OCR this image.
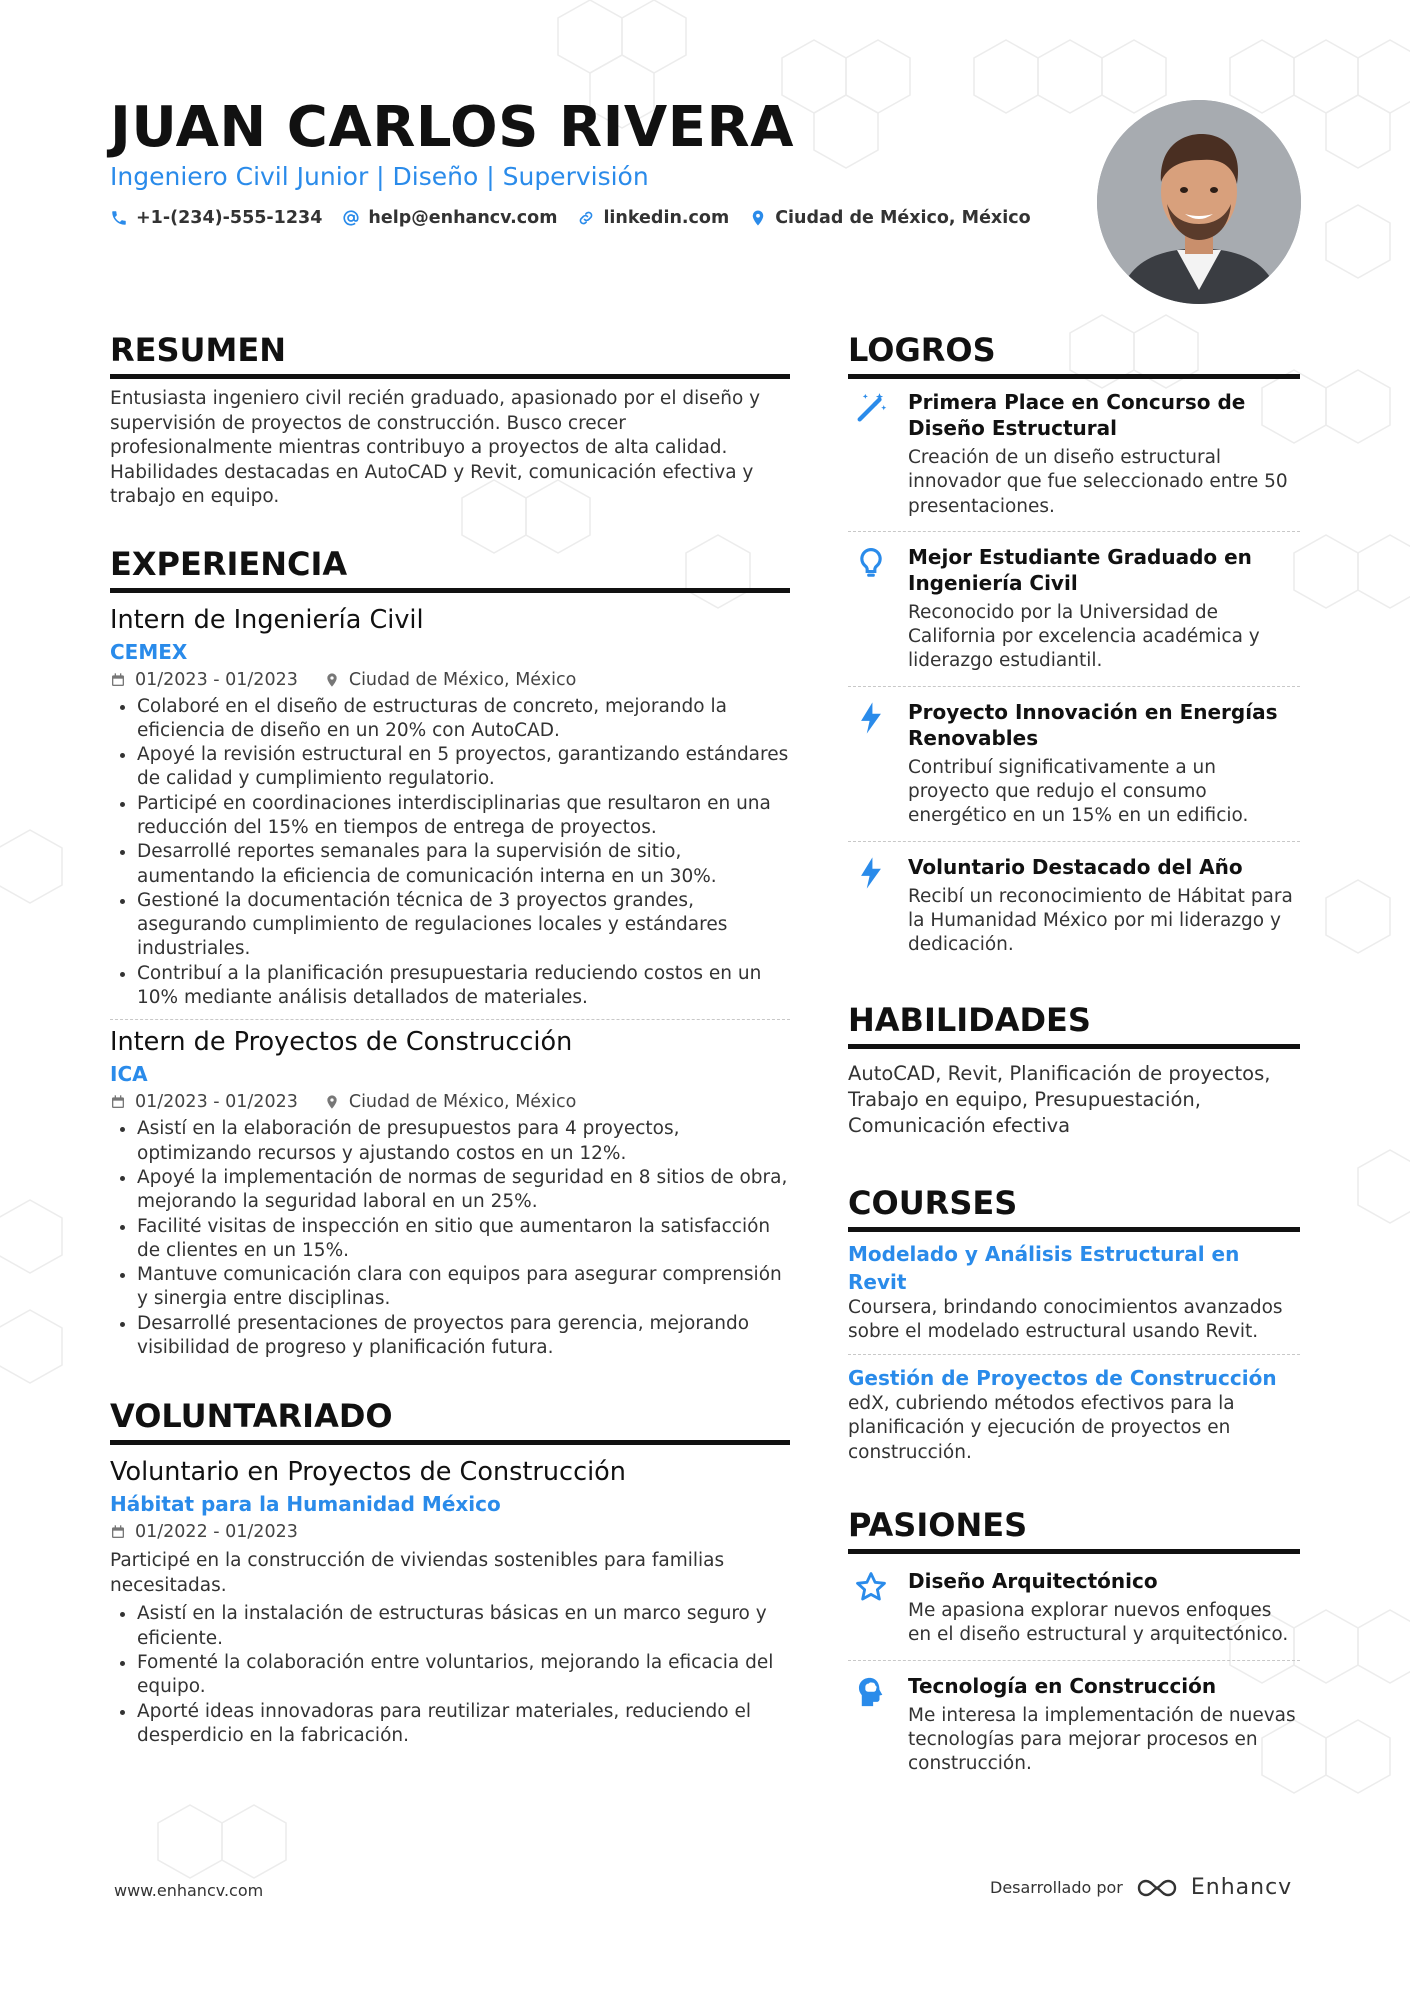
JUAN CARLOS RIVERA
Ingeniero Civil Junior | Diseño | Supervisión
+1-(234)-555-1234	help@enhancv.com	linkedin.com	Ciudad de México, México
RESUMEN
Entusiasta ingeniero civil recién graduado, apasionado por el diseño y supervisión de proyectos de construcción. Busco crecer profesionalmente mientras contribuyo a proyectos de alta calidad. Habilidades destacadas en AutoCAD y Revit, comunicación efectiva y trabajo en equipo.
EXPERIENCIA
Intern de Ingeniería Civil
CEMEX
01/2023 - 01/2023	Ciudad de México, México
• Colaboré en el diseño de estructuras de concreto, mejorando la eficiencia de diseño en un 20% con AutoCAD.
• Apoyé la revisión estructural en 5 proyectos, garantizando estándares de calidad y cumplimiento regulatorio.
• Participé en coordinaciones interdisciplinarias que resultaron en una reducción del 15% en tiempos de entrega de proyectos.
• Desarrollé reportes semanales para la supervisión de sitio, aumentando la eficiencia de comunicación interna en un 30%.
• Gestioné la documentación técnica de 3 proyectos grandes, asegurando cumplimiento de regulaciones locales y estándares industriales.
• Contribuí a la planificación presupuestaria reduciendo costos en un 10% mediante análisis detallados de materiales.
Intern de Proyectos de Construcción
ICA
01/2023 - 01/2023	Ciudad de México, México
• Asistí en la elaboración de presupuestos para 4 proyectos, optimizando recursos y ajustando costos en un 12%.
• Apoyé la implementación de normas de seguridad en 8 sitios de obra, mejorando la seguridad laboral en un 25%.
• Facilité visitas de inspección en sitio que aumentaron la satisfacción de clientes en un 15%.
• Mantuve comunicación clara con equipos para asegurar comprensión y sinergia entre disciplinas.
• Desarrollé presentaciones de proyectos para gerencia, mejorando visibilidad de progreso y planificación futura.
VOLUNTARIADO
Voluntario en Proyectos de Construcción
Hábitat para la Humanidad México
01/2022 - 01/2023
Participé en la construcción de viviendas sostenibles para familias necesitadas.
• Asistí en la instalación de estructuras básicas en un marco seguro y eficiente.
• Fomenté la colaboración entre voluntarios, mejorando la eficacia del equipo.
• Aporté ideas innovadoras para reutilizar materiales, reduciendo el desperdicio en la fabricación.
LOGROS
Primera Place en Concurso de Diseño Estructural
Creación de un diseño estructural innovador que fue seleccionado entre 50 presentaciones.
Mejor Estudiante Graduado en Ingeniería Civil
Reconocido por la Universidad de California por excelencia académica y liderazgo estudiantil.
Proyecto Innovación en Energías Renovables
Contribuí significativamente a un proyecto que redujo el consumo energético en un 15% en un edificio.
Voluntario Destacado del Año
Recibí un reconocimiento de Hábitat para la Humanidad México por mi liderazgo y dedicación.
HABILIDADES
AutoCAD, Revit, Planificación de proyectos, Trabajo en equipo, Presupuestación, Comunicación efectiva
COURSES
Modelado y Análisis Estructural en Revit
Coursera, brindando conocimientos avanzados sobre el modelado estructural usando Revit.
Gestión de Proyectos de Construcción
edX, cubriendo métodos efectivos para la planificación y ejecución de proyectos en construcción.
PASIONES
Diseño Arquitectónico
Me apasiona explorar nuevos enfoques en el diseño estructural y arquitectónico.
Tecnología en Construcción
Me interesa la implementación de nuevas tecnologías para mejorar procesos en construcción.
www.enhancv.com	Desarrollado por	Enhancv
